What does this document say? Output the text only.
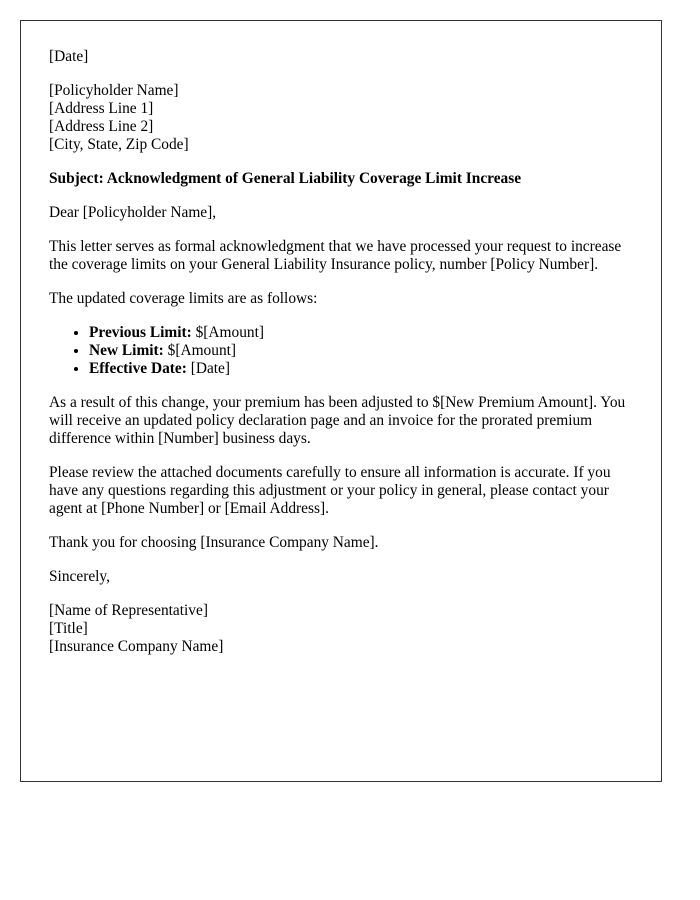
[Date]

[Policyholder Name]
[Address Line 1]
[Address Line 2]
[City, State, Zip Code]

Subject: Acknowledgment of General Liability Coverage Limit Increase

Dear [Policyholder Name],

This letter serves as formal acknowledgment that we have processed your request to increase the coverage limits on your General Liability Insurance policy, number [Policy Number].

The updated coverage limits are as follows:

• Previous Limit: $[Amount]
• New Limit: $[Amount]
• Effective Date: [Date]

As a result of this change, your premium has been adjusted to $[New Premium Amount]. You will receive an updated policy declaration page and an invoice for the prorated premium difference within [Number] business days.

Please review the attached documents carefully to ensure all information is accurate. If you have any questions regarding this adjustment or your policy in general, please contact your agent at [Phone Number] or [Email Address].

Thank you for choosing [Insurance Company Name].

Sincerely,

[Name of Representative]
[Title]
[Insurance Company Name]
